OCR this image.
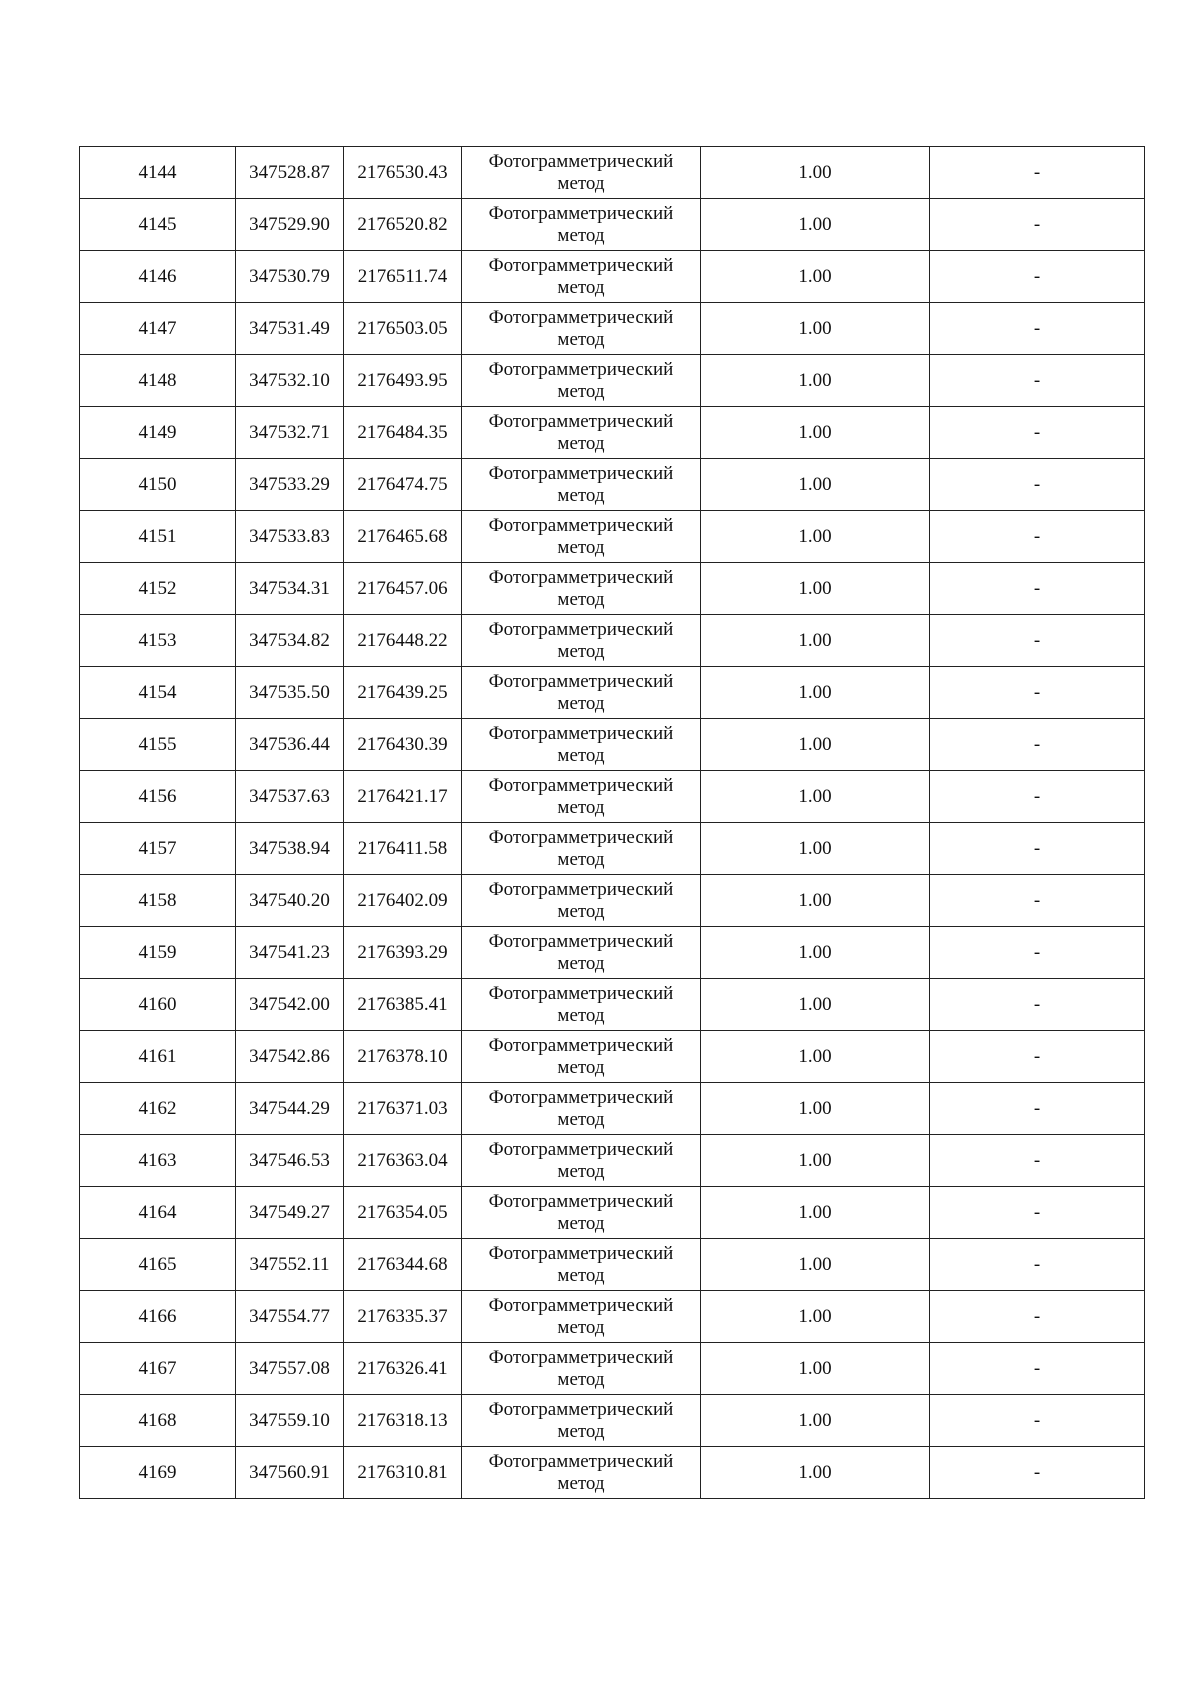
4144	347528.87	2176530.43	Фотограмметрический метод	1.00	-
4145	347529.90	2176520.82	Фотограмметрический метод	1.00	-
4146	347530.79	2176511.74	Фотограмметрический метод	1.00	-
4147	347531.49	2176503.05	Фотограмметрический метод	1.00	-
4148	347532.10	2176493.95	Фотограмметрический метод	1.00	-
4149	347532.71	2176484.35	Фотограмметрический метод	1.00	-
4150	347533.29	2176474.75	Фотограмметрический метод	1.00	-
4151	347533.83	2176465.68	Фотограмметрический метод	1.00	-
4152	347534.31	2176457.06	Фотограмметрический метод	1.00	-
4153	347534.82	2176448.22	Фотограмметрический метод	1.00	-
4154	347535.50	2176439.25	Фотограмметрический метод	1.00	-
4155	347536.44	2176430.39	Фотограмметрический метод	1.00	-
4156	347537.63	2176421.17	Фотограмметрический метод	1.00	-
4157	347538.94	2176411.58	Фотограмметрический метод	1.00	-
4158	347540.20	2176402.09	Фотограмметрический метод	1.00	-
4159	347541.23	2176393.29	Фотограмметрический метод	1.00	-
4160	347542.00	2176385.41	Фотограмметрический метод	1.00	-
4161	347542.86	2176378.10	Фотограмметрический метод	1.00	-
4162	347544.29	2176371.03	Фотограмметрический метод	1.00	-
4163	347546.53	2176363.04	Фотограмметрический метод	1.00	-
4164	347549.27	2176354.05	Фотограмметрический метод	1.00	-
4165	347552.11	2176344.68	Фотограмметрический метод	1.00	-
4166	347554.77	2176335.37	Фотограмметрический метод	1.00	-
4167	347557.08	2176326.41	Фотограмметрический метод	1.00	-
4168	347559.10	2176318.13	Фотограмметрический метод	1.00	-
4169	347560.91	2176310.81	Фотограмметрический метод	1.00	-
